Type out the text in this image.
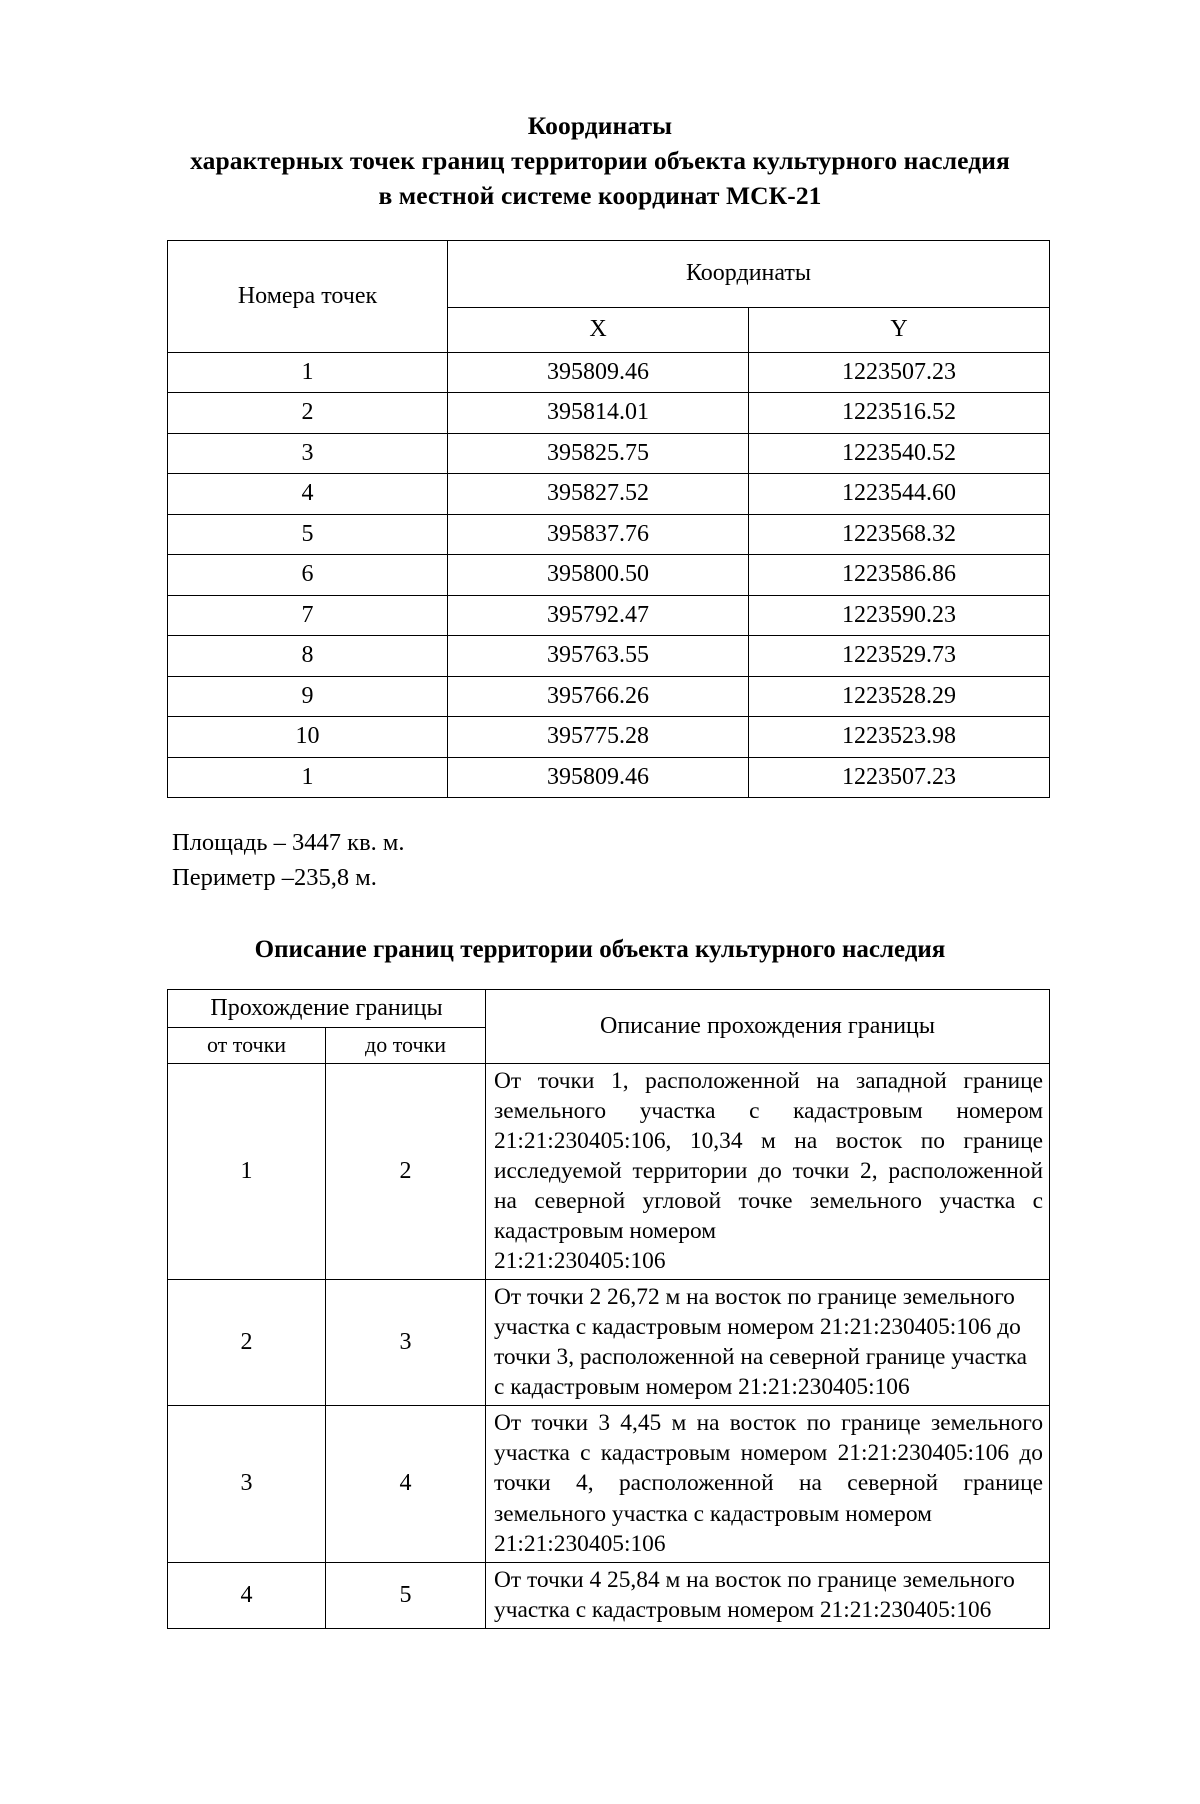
Координаты
характерных точек границ территории объекта культурного наследия
в местной системе координат МСК-21
Номера точек	Координаты	
	X	Y
1	395809.46	1223507.23
2	395814.01	1223516.52
3	395825.75	1223540.52
4	395827.52	1223544.60
5	395837.76	1223568.32
6	395800.50	1223586.86
7	395792.47	1223590.23
8	395763.55	1223529.73
9	395766.26	1223528.29
10	395775.28	1223523.98
1	395809.46	1223507.23
Площадь – 3447 кв. м.
Периметр –235,8 м.
Описание границ территории объекта культурного наследия
Прохождение границы		Описание прохождения границы
от точки	до точки	
1	2	От точки 1, расположенной на западной границе земельного участка с кадастровым номером 21:21:230405:106, 10,34 м на восток по границе исследуемой территории до точки 2, расположенной на северной угловой точке земельного участка с кадастровым номером

21:21:230405:106

2	3	От точки 2 26,72 м на восток по границе земельного участка с кадастровым номером 21:21:230405:106 до точки 3, расположенной на северной границе участка с кадастровым номером 21:21:230405:106

3	4	От точки 3 4,45 м на восток по границе земельного участка с кадастровым номером 21:21:230405:106 до точки 4, расположенной на северной границе земельного участка с кадастровым номером

21:21:230405:106

4	5	От точки 4 25,84 м на восток по границе земельного участка с кадастровым номером 21:21:230405:106
